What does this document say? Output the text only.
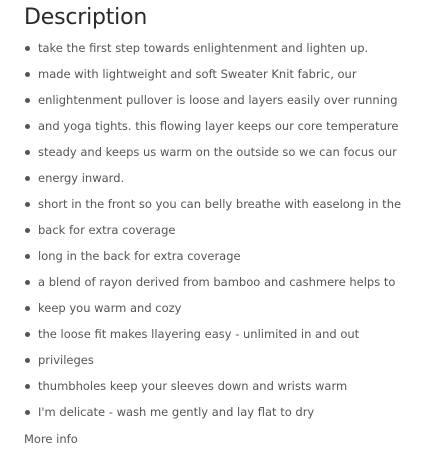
Description
take the first step towards enlightenment and lighten up.
made with lightweight and soft Sweater Knit fabric, our
enlightenment pullover is loose and layers easily over running
and yoga tights. this flowing layer keeps our core temperature
steady and keeps us warm on the outside so we can focus our
energy inward.
short in the front so you can belly breathe with easelong in the
back for extra coverage
long in the back for extra coverage
a blend of rayon derived from bamboo and cashmere helps to
keep you warm and cozy
the loose fit makes llayering easy - unlimited in and out
privileges
thumbholes keep your sleeves down and wrists warm
I'm delicate - wash me gently and lay flat to dry
More info
